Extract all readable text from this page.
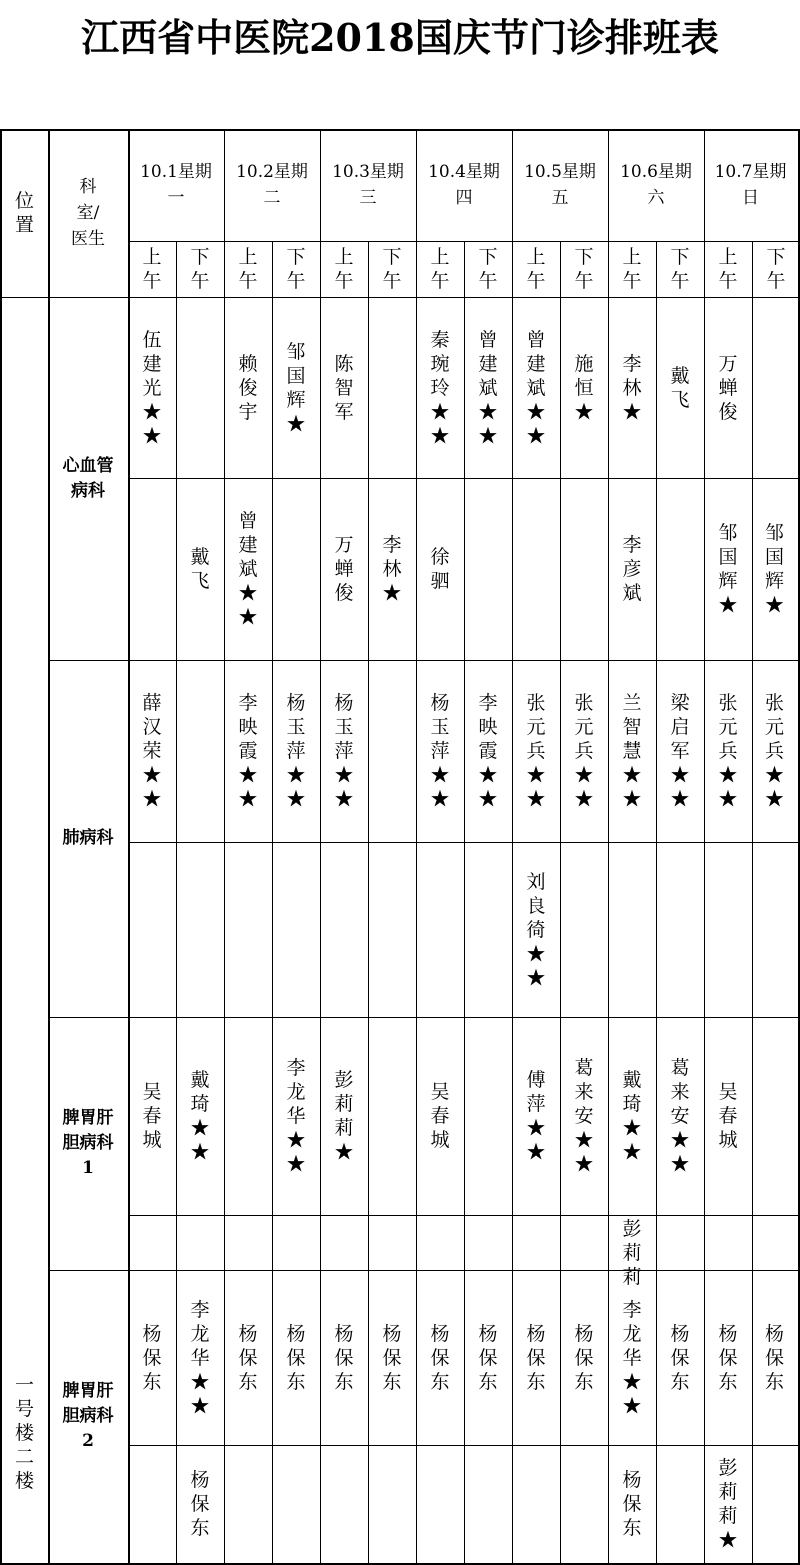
江西省中医院2018国庆节门诊排班表
位置
科室/医生
10.1星期一
上午
下午
10.2星期二
上午
下午
10.3星期三
上午
下午
10.4星期四
上午
下午
10.5星期五
上午
下午
10.6星期六
上午
下午
10.7星期日
上午
下午
一号楼二楼
心血管病科
伍建光★★
赖俊宇
邹国辉★
陈智军
秦琬玲★★
曾建斌★★
曾建斌★★
施恒★
李林★
戴飞
万蝉俊
戴飞
曾建斌★★
万蝉俊
李林★
徐驷
李彦斌
邹国辉★
邹国辉★
肺病科
薛汉荣★★
李映霞★★
杨玉萍★★
杨玉萍★★
杨玉萍★★
李映霞★★
张元兵★★
张元兵★★
兰智慧★★
梁启军★★
张元兵★★
张元兵★★
刘良徛★★
脾胃肝胆病科1
吴春城
戴琦★★
李龙华★★
彭莉莉★
吴春城
傅萍★★
葛来安★★
戴琦★★
葛来安★★
吴春城
彭莉莉
脾胃肝胆病科2
杨保东
李龙华★★
杨保东
杨保东
杨保东
杨保东
杨保东
杨保东
杨保东
杨保东
李龙华★★
杨保东
杨保东
杨保东
杨保东
杨保东
彭莉莉★
